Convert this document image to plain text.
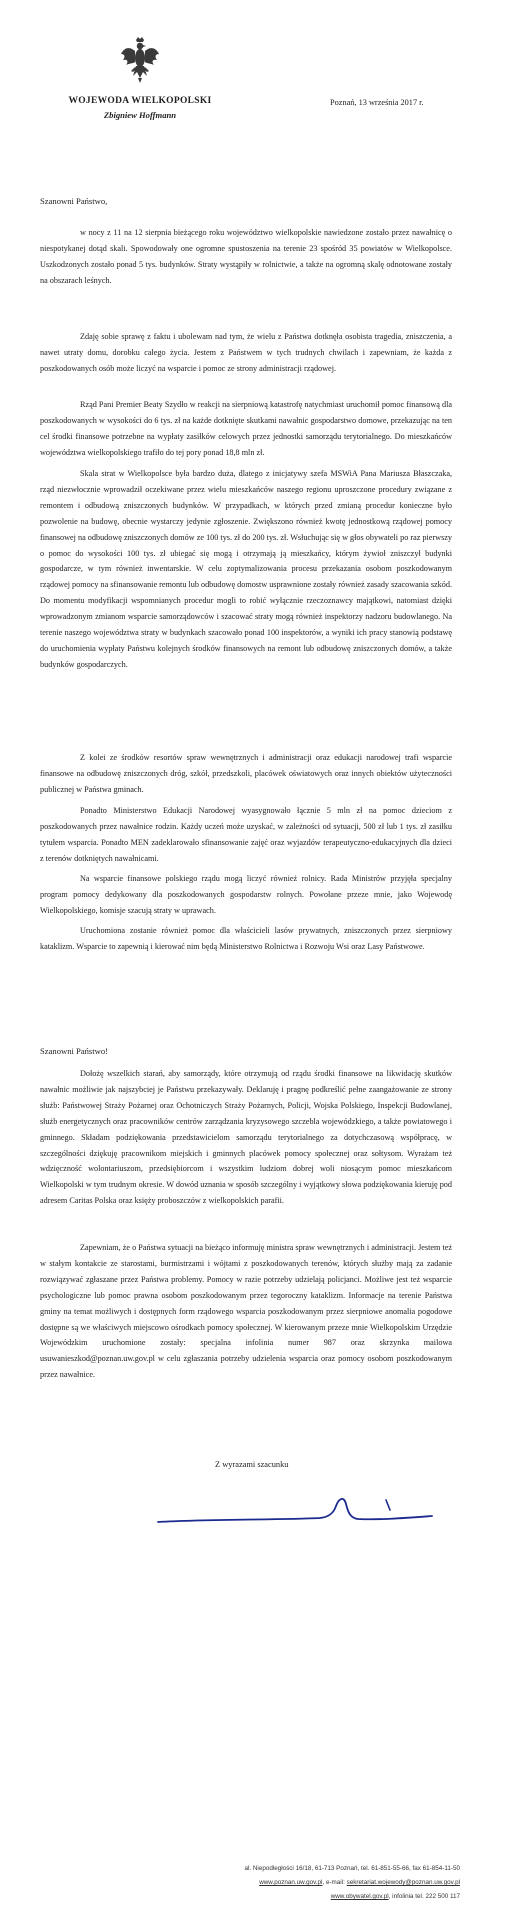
WOJEWODA WIELKOPOLSKI
Zbigniew Hoffmann
Poznań, 13 września 2017 r.
Szanowni Państwo,

w nocy z 11 na 12 sierpnia bieżącego roku województwo wielkopolskie nawiedzone zostało przez nawałnicę o niespotykanej dotąd skali. Spowodowały one ogromne spustoszenia na terenie 23 spośród 35 powiatów w Wielkopolsce. Uszkodzonych zostało ponad 5 tys. budynków. Straty wystąpiły w rolnictwie, a także na ogromną skalę odnotowane zostały na obszarach leśnych.

Zdaję sobie sprawę z faktu i ubolewam nad tym, że wielu z Państwa dotknęła osobista tragedia, zniszczenia, a nawet utraty domu, dorobku całego życia. Jestem z Państwem w tych trudnych chwilach i zapewniam, że każda z poszkodowanych osób może liczyć na wsparcie i pomoc ze strony administracji rządowej.

Rząd Pani Premier Beaty Szydło w reakcji na sierpniową katastrofę natychmiast uruchomił pomoc finansową dla poszkodowanych w wysokości do 6 tys. zł na każde dotknięte skutkami nawałnic gospodarstwo domowe, przekazując na ten cel środki finansowe potrzebne na wypłaty zasiłków celowych przez jednostki samorządu terytorialnego. Do mieszkańców województwa wielkopolskiego trafiło do tej pory ponad 18,8 mln zł.

Skala strat w Wielkopolsce była bardzo duża, dlatego z inicjatywy szefa MSWiA Pana Mariusza Błaszczaka, rząd niezwłocznie wprowadził oczekiwane przez wielu mieszkańców naszego regionu uproszczone procedury związane z remontem i odbudową zniszczonych budynków. W przypadkach, w których przed zmianą procedur konieczne było pozwolenie na budowę, obecnie wystarczy jedynie zgłoszenie. Zwiększono również kwotę jednostkową rządowej pomocy finansowej na odbudowę zniszczonych domów ze 100 tys. zł do 200 tys. zł. Wsłuchując się w głos obywateli po raz pierwszy o pomoc do wysokości 100 tys. zł ubiegać się mogą i otrzymają ją mieszkańcy, którym żywioł zniszczył budynki gospodarcze, w tym również inwentarskie. W celu zoptymalizowania procesu przekazania osobom poszkodowanym rządowej pomocy na sfinansowanie remontu lub odbudowę domostw usprawnione zostały również zasady szacowania szkód. Do momentu modyfikacji wspomnianych procedur mogli to robić wyłącznie rzeczoznawcy majątkowi, natomiast dzięki wprowadzonym zmianom wsparcie samorządowców i szacować straty mogą również inspektorzy nadzoru budowlanego. Na terenie naszego województwa straty w budynkach szacowało ponad 100 inspektorów, a wyniki ich pracy stanowią podstawę do uruchomienia wypłaty Państwu kolejnych środków finansowych na remont lub odbudowę zniszczonych domów, a także budynków gospodarczych.

Z kolei ze środków resortów spraw wewnętrznych i administracji oraz edukacji narodowej trafi wsparcie finansowe na odbudowę zniszczonych dróg, szkół, przedszkoli, placówek oświatowych oraz innych obiektów użyteczności publicznej w Państwa gminach.

Ponadto Ministerstwo Edukacji Narodowej wyasygnowało łącznie 5 mln zł na pomoc dzieciom z poszkodowanych przez nawałnice rodzin. Każdy uczeń może uzyskać, w zależności od sytuacji, 500 zł lub 1 tys. zł zasiłku tytułem wsparcia. Ponadto MEN zadeklarowało sfinansowanie zajęć oraz wyjazdów terapeutyczno-edukacyjnych dla dzieci z terenów dotkniętych nawałnicami.

Na wsparcie finansowe polskiego rządu mogą liczyć również rolnicy. Rada Ministrów przyjęła specjalny program pomocy dedykowany dla poszkodowanych gospodarstw rolnych. Powołane przeze mnie, jako Wojewodę Wielkopolskiego, komisje szacują straty w uprawach.

Uruchomiona zostanie również pomoc dla właścicieli lasów prywatnych, zniszczonych przez sierpniowy kataklizm. Wsparcie to zapewnią i kierować nim będą Ministerstwo Rolnictwa i Rozwoju Wsi oraz Lasy Państwowe.

Szanowni Państwo!

Dołożę wszelkich starań, aby samorządy, które otrzymują od rządu środki finansowe na likwidację skutków nawałnic możliwie jak najszybciej je Państwu przekazywały. Deklaruję i pragnę podkreślić pełne zaangażowanie ze strony służb: Państwowej Straży Pożarnej oraz Ochotniczych Straży Pożarnych, Policji, Wojska Polskiego, Inspekcji Budowlanej, służb energetycznych oraz pracowników centrów zarządzania kryzysowego szczebla wojewódzkiego, a także powiatowego i gminnego. Składam podziękowania przedstawicielom samorządu terytorialnego za dotychczasową współpracę, w szczególności dziękuję pracownikom miejskich i gminnych placówek pomocy społecznej oraz sołtysom. Wyrażam też wdzięczność wolontariuszom, przedsiębiorcom i wszystkim ludziom dobrej woli niosącym pomoc mieszkańcom Wielkopolski w tym trudnym okresie. W dowód uznania w sposób szczególny i wyjątkowy słowa podziękowania kieruję pod adresem Caritas Polska oraz księży proboszczów z wielkopolskich parafii.

Zapewniam, że o Państwa sytuacji na bieżąco informuję ministra spraw wewnętrznych i administracji. Jestem też w stałym kontakcie ze starostami, burmistrzami i wójtami z poszkodowanych terenów, których służby mają za zadanie rozwiązywać zgłaszane przez Państwa problemy. Pomocy w razie potrzeby udzielają policjanci. Możliwe jest też wsparcie psychologiczne lub pomoc prawna osobom poszkodowanym przez tegoroczny kataklizm. Informacje na terenie Państwa gminy na temat możliwych i dostępnych form rządowego wsparcia poszkodowanym przez sierpniowe anomalia pogodowe dostępne są we właściwych miejscowo ośrodkach pomocy społecznej. W kierowanym przeze mnie Wielkopolskim Urzędzie Wojewódzkim uruchomione zostały: specjalna infolinia numer 987 oraz skrzynka mailowa usuwanieszkod@poznan.uw.gov.pl w celu zgłaszania potrzeby udzielenia wsparcia oraz pomocy osobom poszkodowanym przez nawałnice.

Z wyrazami szacunku
al. Niepodległości 16/18, 61-713 Poznań, tel. 61-851-55-66, fax 61-854-11-50
www.poznan.uw.gov.pl, e-mail: sekretariat.wojewody@poznan.uw.gov.pl
www.obywatel.gov.pl, infolinia tel. 222 500 117
